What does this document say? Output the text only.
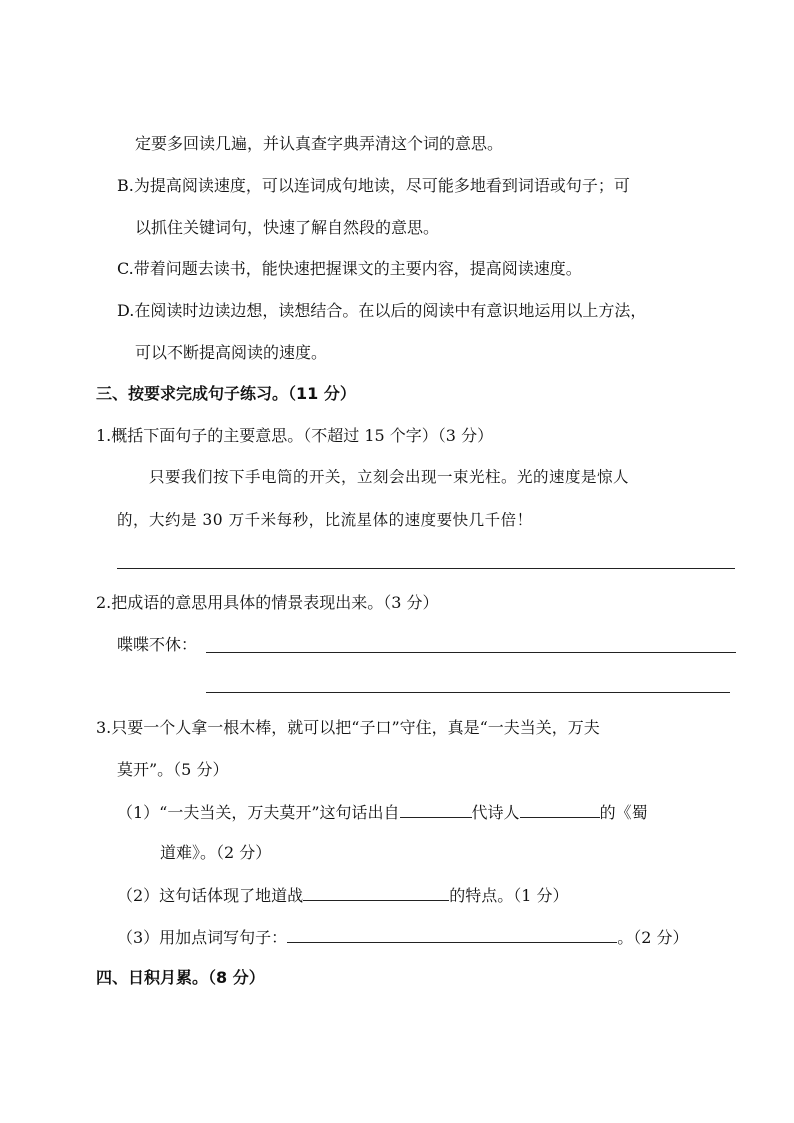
定要多回读几遍，并认真查字典弄清这个词的意思。
B.为提高阅读速度，可以连词成句地读，尽可能多地看到词语或句子；可
以抓住关键词句，快速了解自然段的意思。
C.带着问题去读书，能快速把握课文的主要内容，提高阅读速度。
D.在阅读时边读边想，读想结合。在以后的阅读中有意识地运用以上方法，
可以不断提高阅读的速度。
三、按要求完成句子练习。（11 分）
1.概括下面句子的主要意思。（不超过 15 个字）（3 分）
只要我们按下手电筒的开关，立刻会出现一束光柱。光的速度是惊人
的，大约是 30 万千米每秒，比流星体的速度要快几千倍！
2.把成语的意思用具体的情景表现出来。（3 分）
喋喋不休：
3.只要一个人拿一根木棒，就可以把“子口”守住，真是“一夫当关，万夫
莫开”。（5 分）
（1）“一夫当关，万夫莫开”这句话出自	代诗人	的《蜀
道难》。（2 分）
（2）这句话体现了地道战	的特点。（1 分）
（3）用加点词写句子：	。（2 分）
四、日积月累。（8 分）
